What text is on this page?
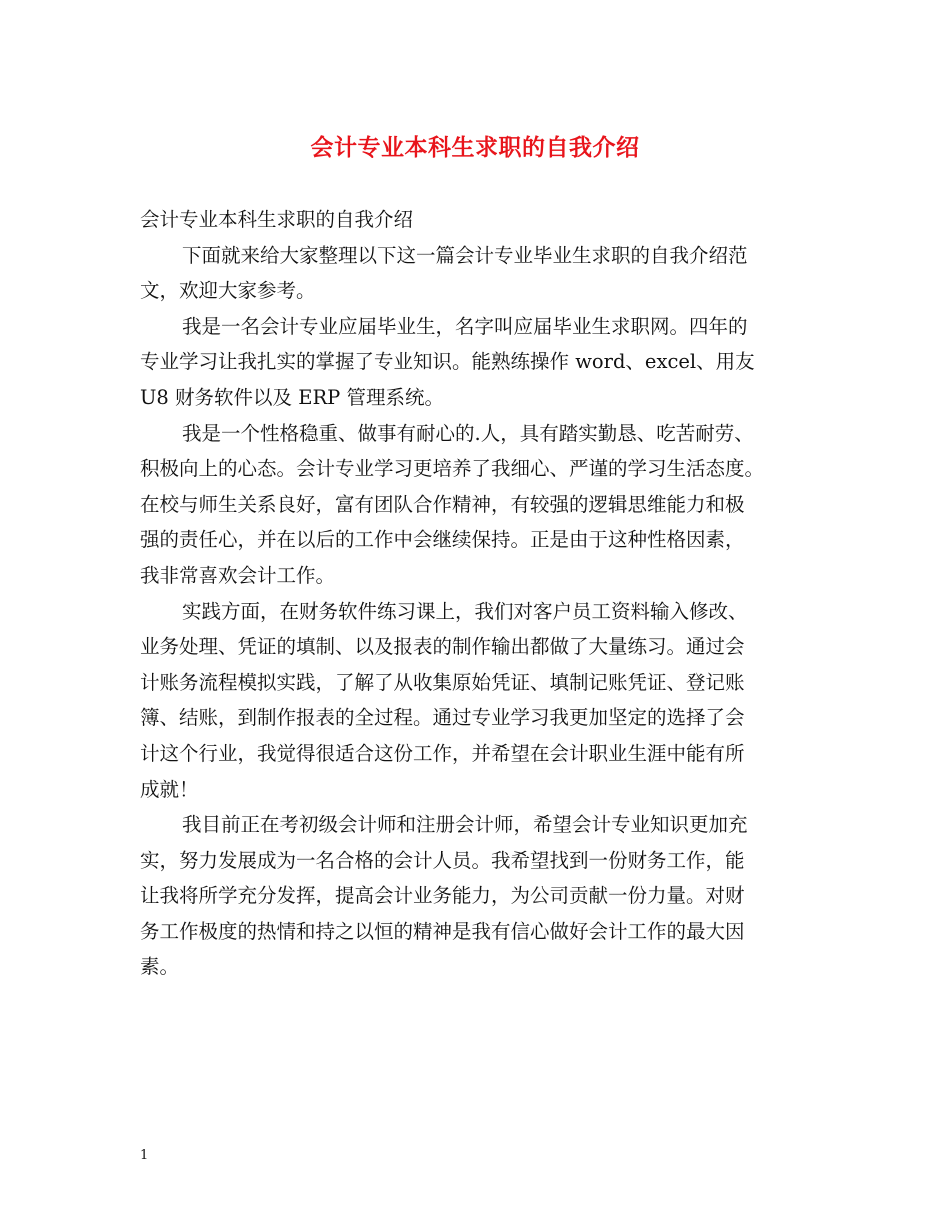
会计专业本科生求职的自我介绍
会计专业本科生求职的自我介绍
下面就来给大家整理以下这一篇会计专业毕业生求职的自我介绍范
文，欢迎大家参考。
我是一名会计专业应届毕业生，名字叫应届毕业生求职网。四年的
专业学习让我扎实的掌握了专业知识。能熟练操作 word、excel、用友
U8 财务软件以及 ERP 管理系统。
我是一个性格稳重、做事有耐心的.人，具有踏实勤恳、吃苦耐劳、
积极向上的心态。会计专业学习更培养了我细心、严谨的学习生活态度。
在校与师生关系良好，富有团队合作精神，有较强的逻辑思维能力和极
强的责任心，并在以后的工作中会继续保持。正是由于这种性格因素，
我非常喜欢会计工作。
实践方面，在财务软件练习课上，我们对客户员工资料输入修改、
业务处理、凭证的填制、以及报表的制作输出都做了大量练习。通过会
计账务流程模拟实践，了解了从收集原始凭证、填制记账凭证、登记账
簿、结账，到制作报表的全过程。通过专业学习我更加坚定的选择了会
计这个行业，我觉得很适合这份工作，并希望在会计职业生涯中能有所
成就！
我目前正在考初级会计师和注册会计师，希望会计专业知识更加充
实，努力发展成为一名合格的会计人员。我希望找到一份财务工作，能
让我将所学充分发挥，提高会计业务能力，为公司贡献一份力量。对财
务工作极度的热情和持之以恒的精神是我有信心做好会计工作的最大因
素。
1
